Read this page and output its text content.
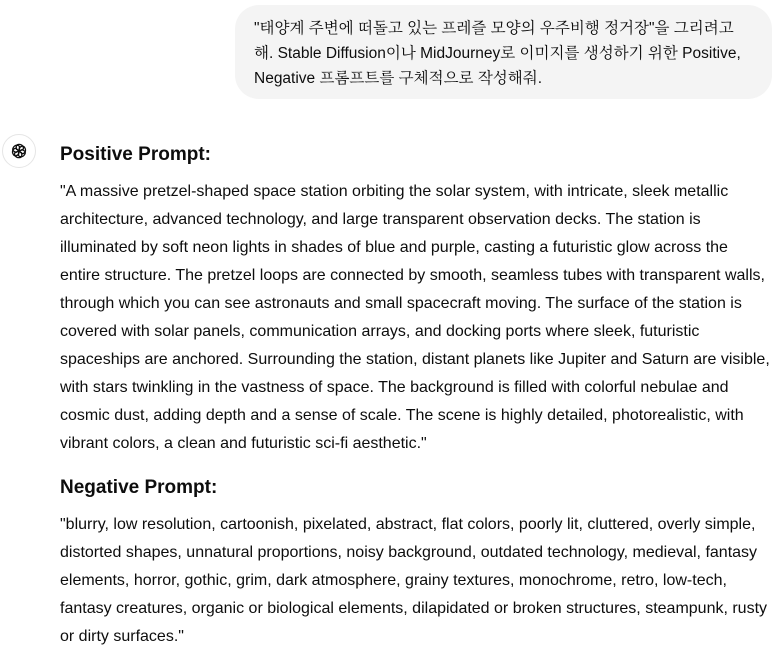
"태양계 주변에 떠돌고 있는 프레즐 모양의 우주비행 정거장"을 그리려고 해. Stable Diffusion이나 MidJourney로 이미지를 생성하기 위한 Positive, Negative 프롬프트를 구체적으로 작성해줘.
Positive Prompt:

"A massive pretzel-shaped space station orbiting the solar system, with intricate, sleek metallic architecture, advanced technology, and large transparent observation decks. The station is illuminated by soft neon lights in shades of blue and purple, casting a futuristic glow across the entire structure. The pretzel loops are connected by smooth, seamless tubes with transparent walls, through which you can see astronauts and small spacecraft moving. The surface of the station is covered with solar panels, communication arrays, and docking ports where sleek, futuristic spaceships are anchored. Surrounding the station, distant planets like Jupiter and Saturn are visible, with stars twinkling in the vastness of space. The background is filled with colorful nebulae and cosmic dust, adding depth and a sense of scale. The scene is highly detailed, photorealistic, with vibrant colors, a clean and futuristic sci-fi aesthetic."

Negative Prompt:

"blurry, low resolution, cartoonish, pixelated, abstract, flat colors, poorly lit, cluttered, overly simple, distorted shapes, unnatural proportions, noisy background, outdated technology, medieval, fantasy elements, horror, gothic, grim, dark atmosphere, grainy textures, monochrome, retro, low-tech, fantasy creatures, organic or biological elements, dilapidated or broken structures, steampunk, rusty or dirty surfaces."
